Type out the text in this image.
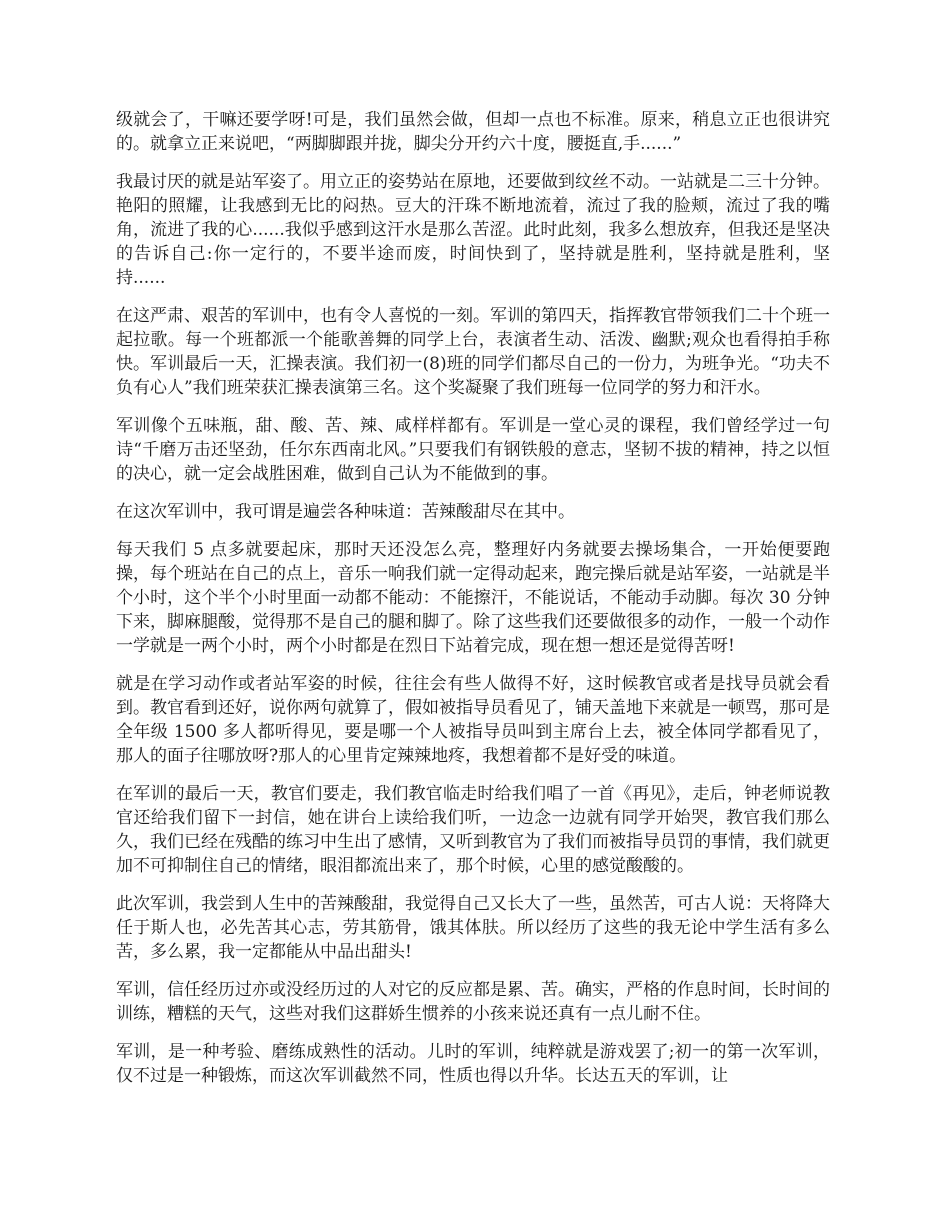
级就会了，干嘛还要学呀!可是，我们虽然会做，但却一点也不标准。原来，稍息立正也很讲究的。就拿立正来说吧，“两脚脚跟并拢，脚尖分开约六十度，腰挺直,手......”

我最讨厌的就是站军姿了。用立正的姿势站在原地，还要做到纹丝不动。一站就是二三十分钟。艳阳的照耀，让我感到无比的闷热。豆大的汗珠不断地流着，流过了我的脸颊，流过了我的嘴角，流进了我的心......我似乎感到这汗水是那么苦涩。此时此刻，我多么想放弃，但我还是坚决的告诉自己:你一定行的，不要半途而废，时间快到了，坚持就是胜利，坚持就是胜利，坚持......

在这严肃、艰苦的军训中，也有令人喜悦的一刻。军训的第四天，指挥教官带领我们二十个班一起拉歌。每一个班都派一个能歌善舞的同学上台，表演者生动、活泼、幽默;观众也看得拍手称快。军训最后一天，汇操表演。我们初一(8)班的同学们都尽自己的一份力，为班争光。“功夫不负有心人”我们班荣获汇操表演第三名。这个奖凝聚了我们班每一位同学的努力和汗水。

军训像个五味瓶，甜、酸、苦、辣、咸样样都有。军训是一堂心灵的课程，我们曾经学过一句诗“千磨万击还坚劲，任尔东西南北风。”只要我们有钢铁般的意志，坚韧不拔的精神，持之以恒的决心，就一定会战胜困难，做到自己认为不能做到的事。

在这次军训中，我可谓是遍尝各种味道：苦辣酸甜尽在其中。

每天我们 5 点多就要起床，那时天还没怎么亮，整理好内务就要去操场集合，一开始便要跑操，每个班站在自己的点上，音乐一响我们就一定得动起来，跑完操后就是站军姿，一站就是半个小时，这个半个小时里面一动都不能动：不能擦汗，不能说话，不能动手动脚。每次 30 分钟下来，脚麻腿酸，觉得那不是自己的腿和脚了。除了这些我们还要做很多的动作，一般一个动作一学就是一两个小时，两个小时都是在烈日下站着完成，现在想一想还是觉得苦呀!

就是在学习动作或者站军姿的时候，往往会有些人做得不好，这时候教官或者是找导员就会看到。教官看到还好，说你两句就算了，假如被指导员看见了，铺天盖地下来就是一顿骂，那可是全年级 1500 多人都听得见，要是哪一个人被指导员叫到主席台上去，被全体同学都看见了，那人的面子往哪放呀?那人的心里肯定辣辣地疼，我想着都不是好受的味道。

在军训的最后一天，教官们要走，我们教官临走时给我们唱了一首《再见》，走后，钟老师说教官还给我们留下一封信，她在讲台上读给我们听，一边念一边就有同学开始哭，教官我们那么久，我们已经在残酷的练习中生出了感情，又听到教官为了我们而被指导员罚的事情，我们就更加不可抑制住自己的情绪，眼泪都流出来了，那个时候，心里的感觉酸酸的。

此次军训，我尝到人生中的苦辣酸甜，我觉得自己又长大了一些，虽然苦，可古人说：天将降大任于斯人也，必先苦其心志，劳其筋骨，饿其体肤。所以经历了这些的我无论中学生活有多么苦，多么累，我一定都能从中品出甜头!

军训，信任经历过亦或没经历过的人对它的反应都是累、苦。确实，严格的作息时间，长时间的训练，糟糕的天气，这些对我们这群娇生惯养的小孩来说还真有一点儿耐不住。

军训，是一种考验、磨练成熟性的活动。儿时的军训，纯粹就是游戏罢了;初一的第一次军训，仅不过是一种锻炼，而这次军训截然不同，性质也得以升华。长达五天的军训，让
